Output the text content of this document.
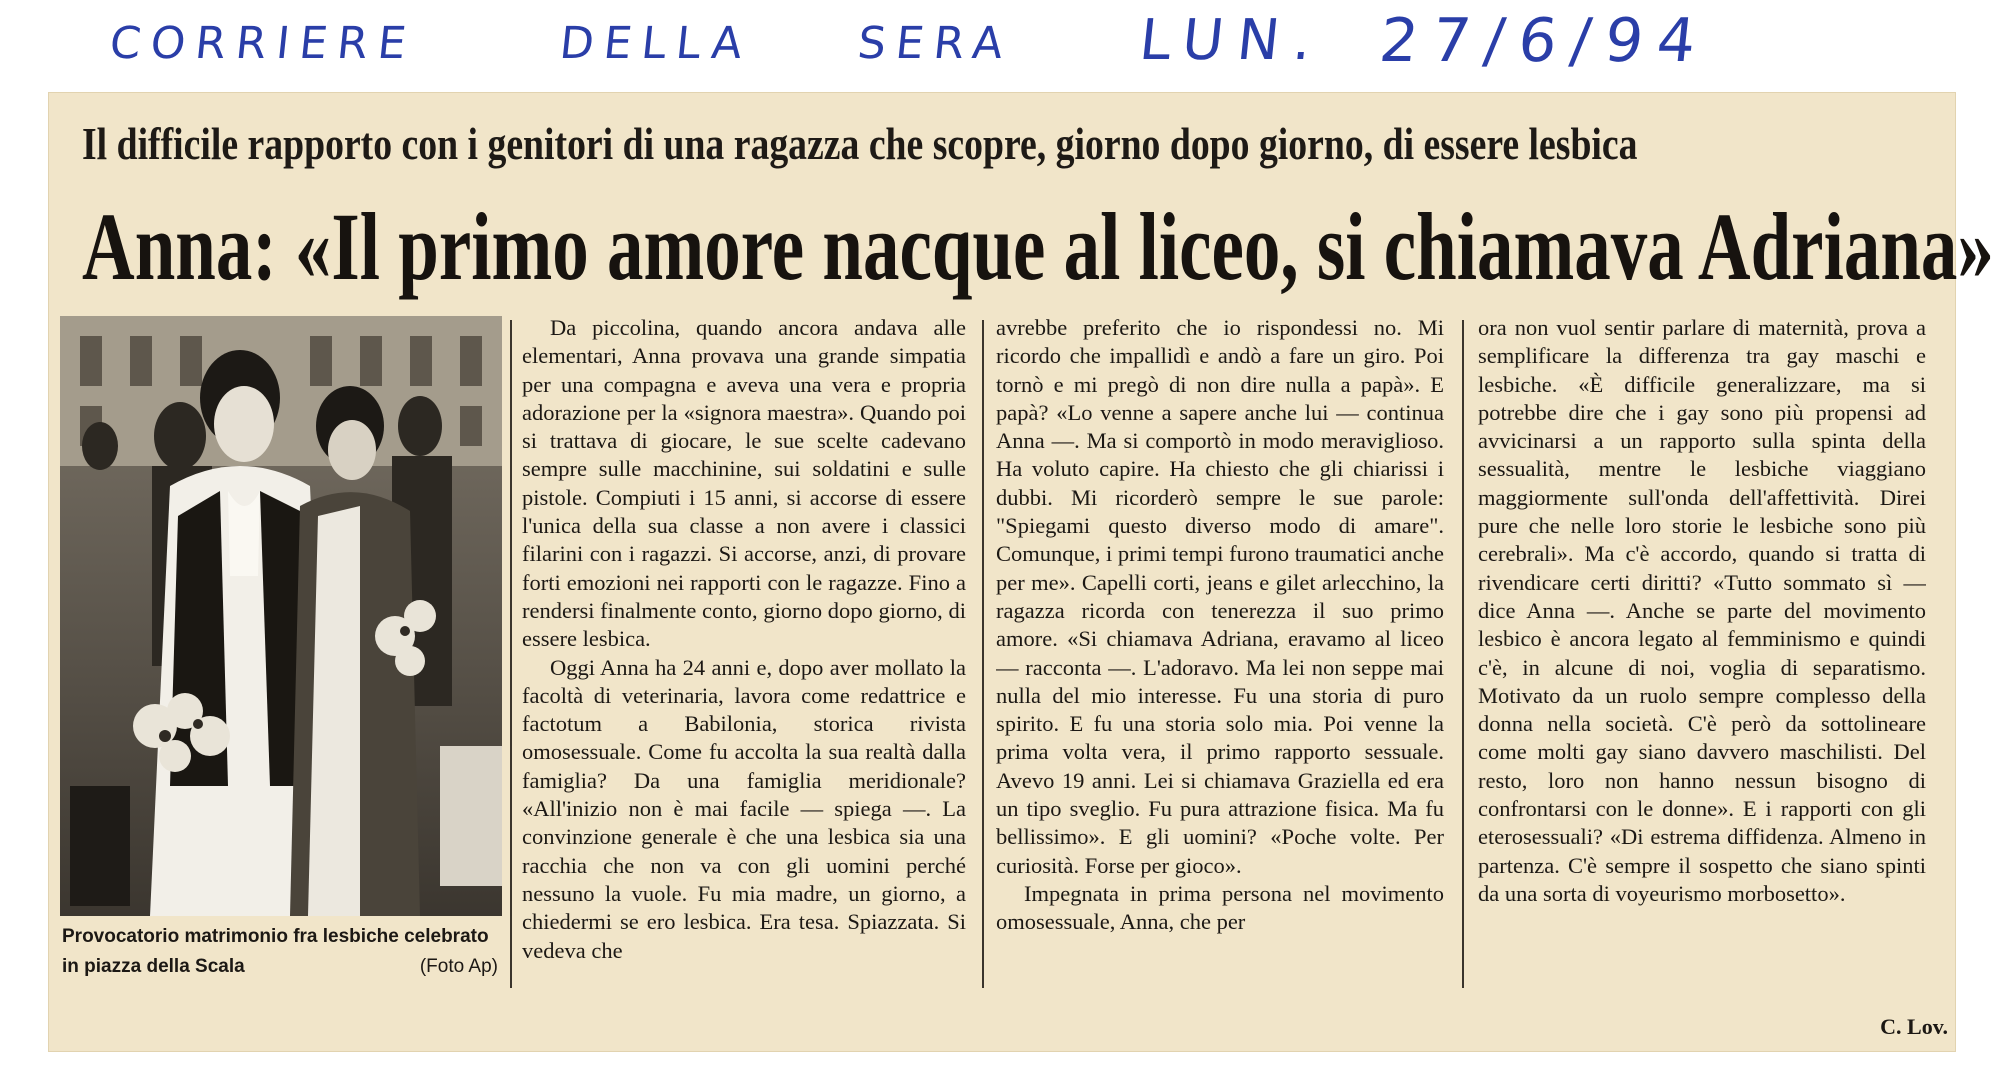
CORRIERE	DELLA SERA LUN. 27/6/94
Il difficile rapporto con i genitori di una ragazza che scopre, giorno dopo giorno, di essere lesbica
Anna: «Il primo amore nacque al liceo, si chiamava Adriana»
Provocatorio matrimonio fra lesbiche celebrato in piazza della Scala	(Foto Ap)

Da piccolina, quando ancora andava alle elementari, Anna provava una grande simpatia per una compagna e aveva una vera e propria adorazione per la «signora maestra». Quando poi si trattava di giocare, le sue scelte cadevano sempre sulle macchinine, sui soldatini e sulle pistole. Compiuti i 15 anni, si accorse di essere l'unica della sua classe a non avere i classici filarini con i ragazzi. Si accorse, anzi, di provare forti emozioni nei rapporti con le ragazze. Fino a rendersi finalmente conto, giorno dopo giorno, di essere lesbica.

Oggi Anna ha 24 anni e, dopo aver mollato la facoltà di veterinaria, lavora come redattrice e factotum a Babilonia, storica rivista omosessuale. Come fu accolta la sua realtà dalla famiglia? Da una famiglia meridionale? «All'inizio non è mai facile — spiega —. La convinzione generale è che una lesbica sia una racchia che non va con gli uomini perché nessuno la vuole. Fu mia madre, un giorno, a chiedermi se ero lesbica. Era tesa. Spiazzata. Si vedeva che

avrebbe preferito che io rispondessi no. Mi ricordo che impallidì e andò a fare un giro. Poi tornò e mi pregò di non dire nulla a papà». E papà? «Lo venne a sapere anche lui — continua Anna —. Ma si comportò in modo meraviglioso. Ha voluto capire. Ha chiesto che gli chiarissi i dubbi. Mi ricorderò sempre le sue parole: "Spiegami questo diverso modo di amare". Comunque, i primi tempi furono traumatici anche per me». Capelli corti, jeans e gilet arlecchino, la ragazza ricorda con tenerezza il suo primo amore. «Si chiamava Adriana, eravamo al liceo — racconta —. L'adoravo. Ma lei non seppe mai nulla del mio interesse. Fu una storia di puro spirito. E fu una storia solo mia. Poi venne la prima volta vera, il primo rapporto sessuale. Avevo 19 anni. Lei si chiamava Graziella ed era un tipo sveglio. Fu pura attrazione fisica. Ma fu bellissimo». E gli uomini? «Poche volte. Per curiosità. Forse per gioco».

Impegnata in prima persona nel movimento omosessuale, Anna, che per

ora non vuol sentir parlare di maternità, prova a semplificare la differenza tra gay maschi e lesbiche. «È difficile generalizzare, ma si potrebbe dire che i gay sono più propensi ad avvicinarsi a un rapporto sulla spinta della sessualità, mentre le lesbiche viaggiano maggiormente sull'onda dell'affettività. Direi pure che nelle loro storie le lesbiche sono più cerebrali». Ma c'è accordo, quando si tratta di rivendicare certi diritti? «Tutto sommato sì — dice Anna —. Anche se parte del movimento lesbico è ancora legato al femminismo e quindi c'è, in alcune di noi, voglia di separatismo. Motivato da un ruolo sempre complesso della donna nella società. C'è però da sottolineare come molti gay siano davvero maschilisti. Del resto, loro non hanno nessun bisogno di confrontarsi con le donne». E i rapporti con gli eterosessuali? «Di estrema diffidenza. Almeno in partenza. C'è sempre il sospetto che siano spinti da una sorta di voyeurismo morbosetto».

C. Lov.
